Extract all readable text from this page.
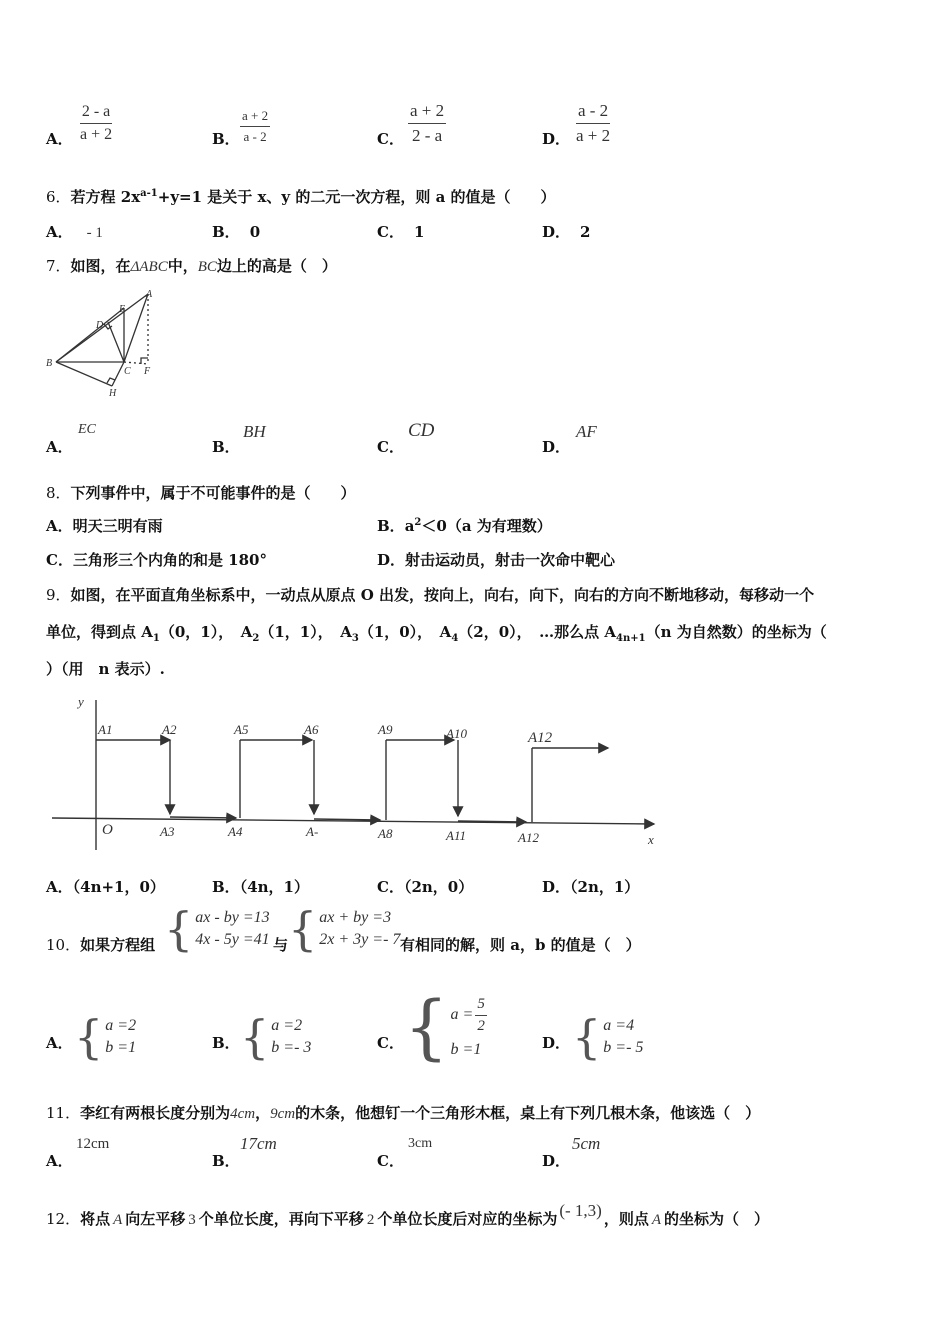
A． $\frac{2 - a}{a + 2}$	B． $\frac{a + 2}{a - 2}$	C． $\frac{a + 2}{2 - a}$	D． $\frac{a - 2}{a + 2}$
6．若方程 $2x^{a-1}+y=1$ 是关于 x、y 的二元一次方程，则 a 的值是（　　）
A． - 1	B． 0	C． 1	D． 2
7．如图，在ΔABC中，BC边上的高是（　）
A
E
D
B
C F
H
A．
EC
B．
BH
C．
CD
D．
AF
8．下列事件中，属于不可能事件的是（　　）
A．明天三明有雨	B．$a^2<0(a$ 为有理数）
C．三角形三个内角的和是 180°	D．射击运动员，射击一次命中靶心
9．如图，在平面直角坐标系中，一动点从原点 O 出发，按向上，向右，向下，向右的方向不断地移动，每移动一个
单位，得到点 $A_1(0$，1），　$A_2(1$，1），　$A_3(1$，0），　$A_4(2$，0），　…那么点 $A_{4n+1}(n$ 为自然数）的坐标为（
）（用　n 表示）.
y
x
O
A1	A2	A5	A6	A9	A10	A12
A3	A4	A-	A8	A11	A12
A．（4n+1，0）	B．（4n，1）	C．（2n，0）	D．（2n，1）
10．如果方程组 { ax - by =13
4x - 5y =41 与 { ax + by =3
2x + 3y =- 7 有相同的解，则 a，b 的值是（　）
A． { a =2
b =1	B． { a =2
b =- 3	C． { $a = \frac{5}{2}$
b =1	D． { a =4
b =- 5
11．李红有两根长度分别为4cm，9cm的木条，他想钉一个三角形木框，桌上有下列几根木条，他该选（　）
A．
12cm
B．
17cm
C．
3cm
D．
5cm
12．将点 A 向左平移 3 个单位长度，再向下平移 2 个单位长度后对应的坐标为 (- 1,3) ，则点 A 的坐标为（　）
